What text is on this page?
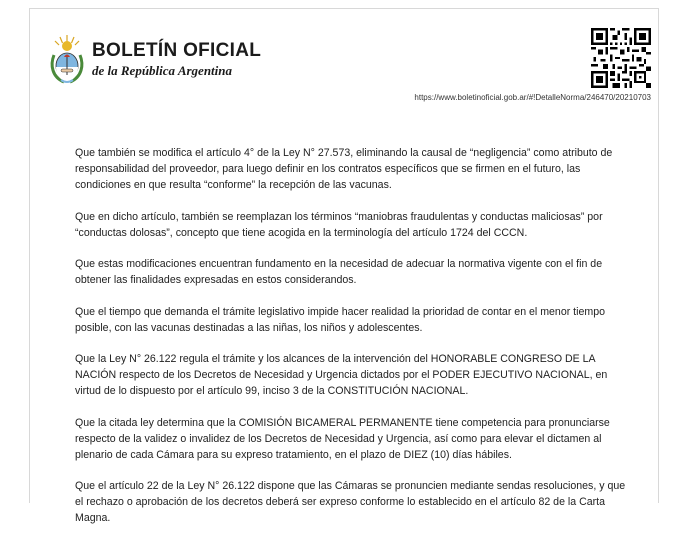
BOLETÍN OFICIAL
de la República Argentina
https://www.boletinoficial.gob.ar/#!DetalleNorma/246470/20210703

Que también se modifica el artículo 4° de la Ley N° 27.573, eliminando la causal de “negligencia” como atributo de responsabilidad del proveedor, para luego definir en los contratos específicos que se firmen en el futuro, las condiciones en que resulta “conforme” la recepción de las vacunas.

Que en dicho artículo, también se reemplazan los términos “maniobras fraudulentas y conductas maliciosas” por “conductas dolosas”, concepto que tiene acogida en la terminología del artículo 1724 del CCCN.

Que estas modificaciones encuentran fundamento en la necesidad de adecuar la normativa vigente con el fin de obtener las finalidades expresadas en estos considerandos.

Que el tiempo que demanda el trámite legislativo impide hacer realidad la prioridad de contar en el menor tiempo posible, con las vacunas destinadas a las niñas, los niños y adolescentes.

Que la Ley N° 26.122 regula el trámite y los alcances de la intervención del HONORABLE CONGRESO DE LA NACIÓN respecto de los Decretos de Necesidad y Urgencia dictados por el PODER EJECUTIVO NACIONAL, en virtud de lo dispuesto por el artículo 99, inciso 3 de la CONSTITUCIÓN NACIONAL.

Que la citada ley determina que la COMISIÓN BICAMERAL PERMANENTE tiene competencia para pronunciarse respecto de la validez o invalidez de los Decretos de Necesidad y Urgencia, así como para elevar el dictamen al plenario de cada Cámara para su expreso tratamiento, en el plazo de DIEZ (10) días hábiles.

Que el artículo 22 de la Ley N° 26.122 dispone que las Cámaras se pronuncien mediante sendas resoluciones, y que el rechazo o aprobación de los decretos deberá ser expreso conforme lo establecido en el artículo 82 de la Carta Magna.
